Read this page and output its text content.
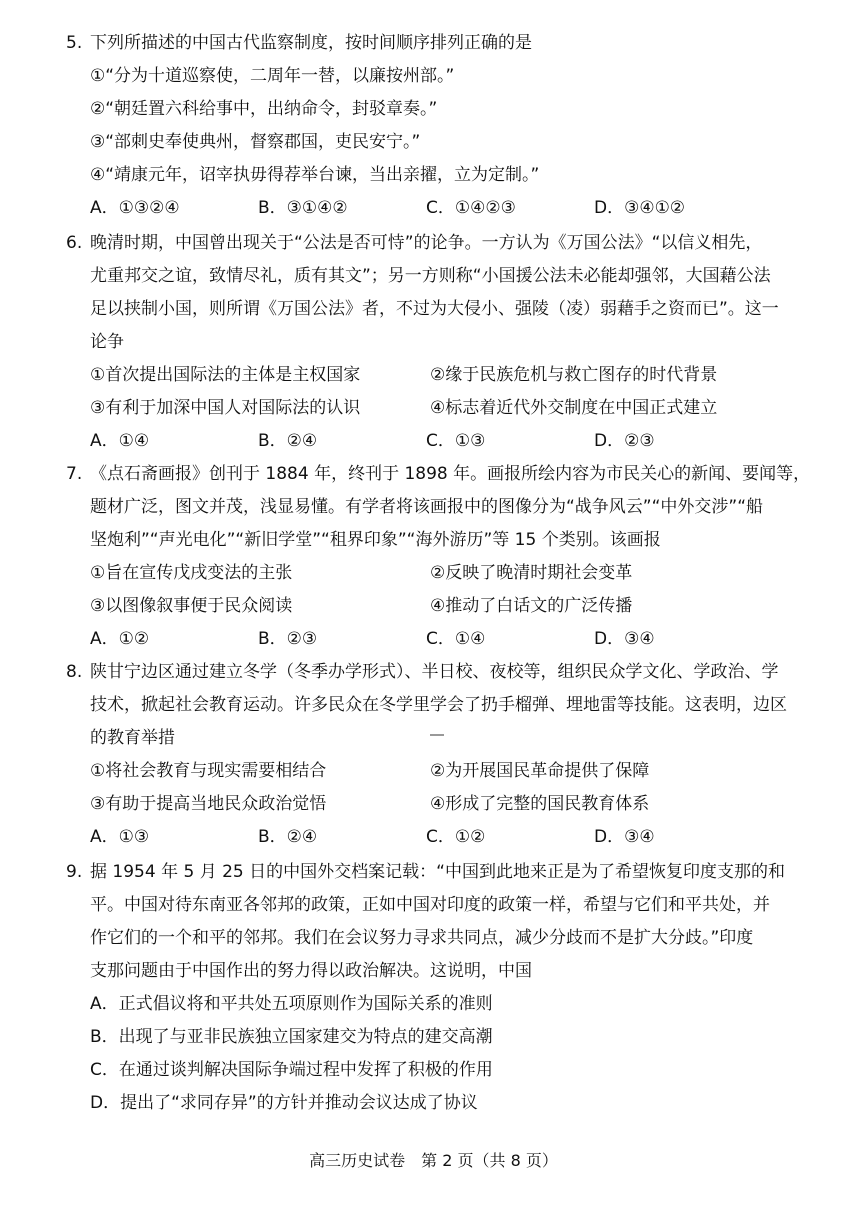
5. 下列所描述的中国古代监察制度，按时间顺序排列正确的是

①“分为十道巡察使，二周年一替，以廉按州部。”

②“朝廷置六科给事中，出纳命令，封驳章奏。”

③“部刺史奉使典州，督察郡国，吏民安宁。”

④“靖康元年，诏宰执毋得荐举台谏，当出亲擢，立为定制。”

A．①③②④	B．③①④②	C．①④②③	D．③④①②
6. 晚清时期，中国曾出现关于“公法是否可恃”的论争。一方认为《万国公法》“以信义相先，

尤重邦交之谊，致情尽礼，质有其文”；另一方则称“小国援公法未必能却强邻，大国藉公法

足以挟制小国，则所谓《万国公法》者，不过为大侵小、强陵（凌）弱藉手之资而已”。这一

论争

①首次提出国际法的主体是主权国家	②缘于民族危机与救亡图存的时代背景
③有利于加深中国人对国际法的认识	④标志着近代外交制度在中国正式建立
A．①④	B．②④	C．①③	D．②③
7. 《点石斋画报》创刊于 1884 年，终刊于 1898 年。画报所绘内容为市民关心的新闻、要闻等，

题材广泛，图文并茂，浅显易懂。有学者将该画报中的图像分为“战争风云”“中外交涉”“船

坚炮利”“声光电化”“新旧学堂”“租界印象”“海外游历”等 15 个类别。该画报

①旨在宣传戊戌变法的主张	②反映了晚清时期社会变革
③以图像叙事便于民众阅读	④推动了白话文的广泛传播
A．①②	B．②③	C．①④	D．③④
8. 陕甘宁边区通过建立冬学（冬季办学形式）、半日校、夜校等，组织民众学文化、学政治、学

技术，掀起社会教育运动。许多民众在冬学里学会了扔手榴弹、埋地雷等技能。这表明，边区

的教育举措

①将社会教育与现实需要相结合	②为开展国民革命提供了保障
③有助于提高当地民众政治觉悟	④形成了完整的国民教育体系
A．①③	B．②④	C．①②	D．③④
9. 据 1954 年 5 月 25 日的中国外交档案记载：“中国到此地来正是为了希望恢复印度支那的和

平。中国对待东南亚各邻邦的政策，正如中国对印度的政策一样，希望与它们和平共处，并

作它们的一个和平的邻邦。我们在会议努力寻求共同点，减少分歧而不是扩大分歧。”印度

支那问题由于中国作出的努力得以政治解决。这说明，中国

A．正式倡议将和平共处五项原则作为国际关系的准则

B．出现了与亚非民族独立国家建交为特点的建交高潮

C．在通过谈判解决国际争端过程中发挥了积极的作用

D．提出了“求同存异”的方针并推动会议达成了协议

高三历史试卷　第 2 页（共 8 页）
